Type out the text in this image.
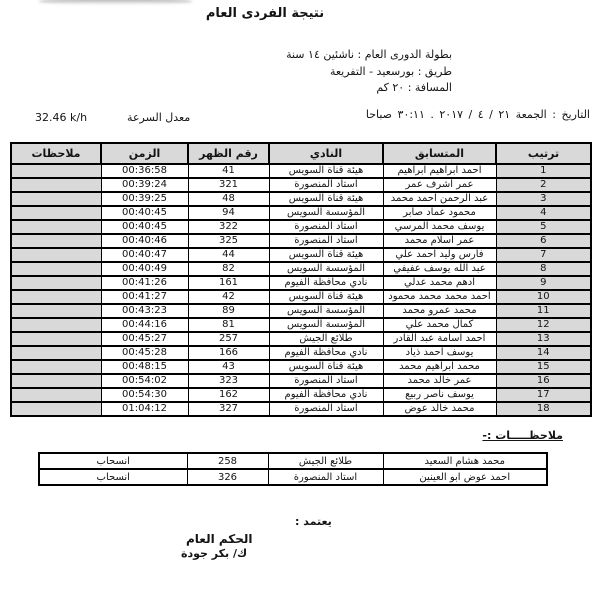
نتيجة الفردى العام
بطولة الدورى العام : ناشئين ١٤ سنة
طريق : بورسعيد - التفريعة
المسافة : ٢٠ كم
التاريخ : الجمعة ٢١ / ٤ / ٢٠١٧ . ٣٠:١١ صباحا
32.46 k/h	معدل السرعة
ترتيب	المتسابق	النادي	رقم الظهر	الزمن	ملاحظات
1	احمد ابراهيم ابراهيم	هيئة قناة السويس	41	00:36:58	
2	عمر اشرف عمر	استاد المنصورة	321	00:39:24	
3	عبد الرحمن احمد محمد	هيئة قناة السويس	48	00:39:25	
4	محمود عماد صابر	المؤسسة السويس	94	00:40:45	
5	يوسف محمد المرسي	استاد المنصورة	322	00:40:45	
6	عمر اسلام محمد	استاد المنصورة	325	00:40:46	
7	فارس وليد احمد علي	هيئة قناة السويس	44	00:40:47	
8	عبد الله يوسف عفيفي	المؤسسة السويس	82	00:40:49	
9	ادهم محمد عدلي	نادي محافظة الفيوم	161	00:41:26	
10	احمد محمد محمد محمود	هيئة قناة السويس	42	00:41:27	
11	محمد عمرو محمد	المؤسسة السويس	89	00:43:23	
12	كمال محمد علي	المؤسسة السويس	81	00:44:16	
13	احمد اسامة عبد القادر	طلائع الجيش	257	00:45:27	
14	يوسف احمد ذياد	نادي محافظة الفيوم	166	00:45:28	
15	محمد ابراهيم محمد	هيئة قناة السويس	43	00:48:15	
16	عمر خالد محمد	استاد المنصورة	323	00:54:02	
17	يوسف ناصر ربيع	نادي محافظة الفيوم	162	00:54:30	
18	محمد خالد عوض	استاد المنصورة	327	01:04:12	
ملاحظـــــات :-
محمد هشام السعيد	طلائع الجيش	258	انسحاب
احمد عوض ابو العينين	استاد المنصورة	326	انسحاب
يعتمد :
الحكم العام
ك/ بكر جودة
